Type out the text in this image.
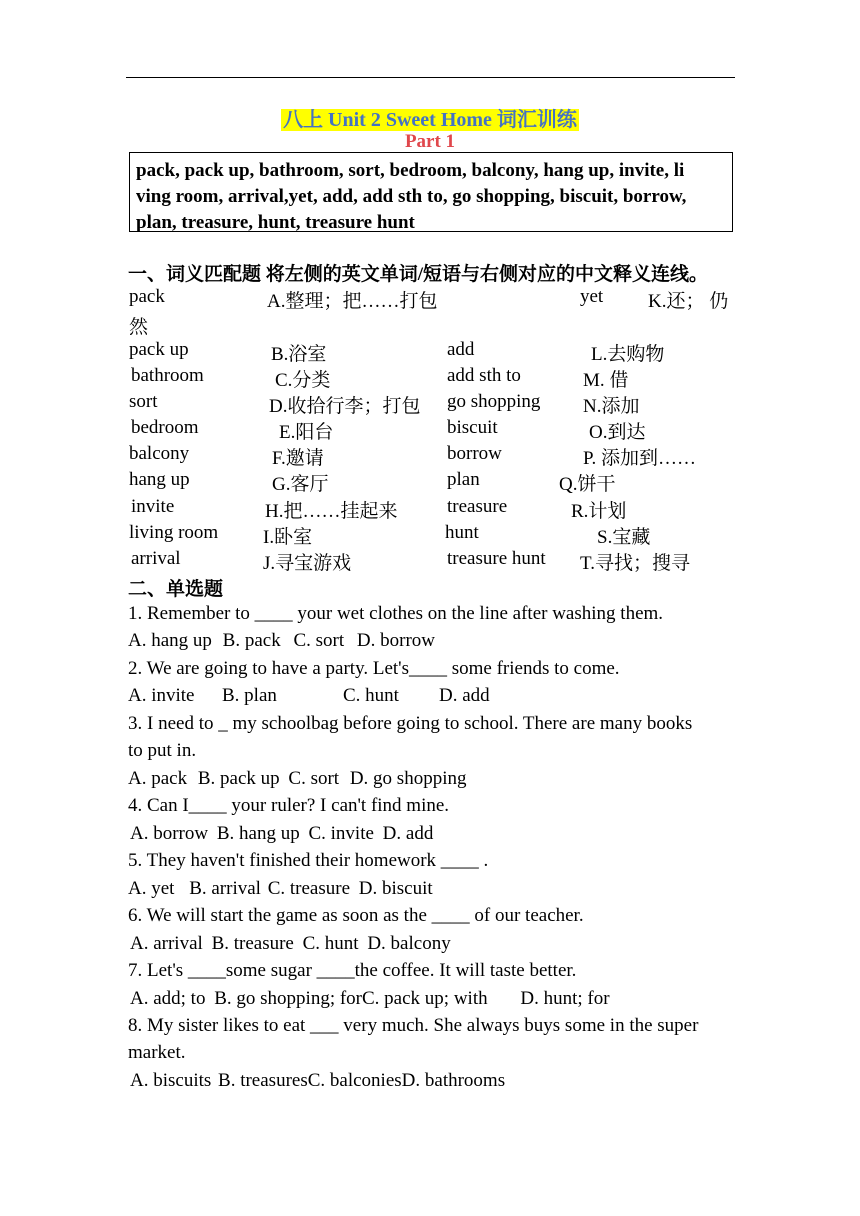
八上 Unit 2 Sweet Home 词汇训练
Part 1
pack, pack up, bathroom, sort, bedroom, balcony, hang up, invite, li
ving room, arrival,yet, add, add sth to, go shopping, biscuit, borrow,
plan, treasure, hunt, treasure hunt
一、词义匹配题 将左侧的英文单词/短语与右侧对应的中文释义连线。
pack	A.整理；把……打包	yet K.还； 仍
然
pack up	B.浴室	add	L.去购物
bathroom	C.分类	add sth to	M. 借
sort	D.收拾行李；打包 go shopping N.添加
bedroom	E.阳台	biscuit	O.到达
balcony	F.邀请	borrow	P. 添加到……
hang up	G.客厅	plan	Q.饼干
invite	H.把……挂起来	treasure	R.计划
living room I.卧室	hunt	S.宝藏
arrival	J.寻宝游戏	treasure hunt T.寻找；搜寻
二、单选题
1. Remember to ____ your wet clothes on the line after washing them.
A. hang up B. pack C. sort D. borrow
2. We are going to have a party. Let's____ some friends to come.
A. invite B. plan	C. hunt D. add
3. I need to _ my schoolbag before going to school. There are many books
to put in.
A. pack B. pack up C. sort D. go shopping
4. Can I____ your ruler? I can't find mine.
A. borrow B. hang up C. invite D. add
5. They haven't finished their homework ____ .
A. yet B. arrival C. treasure D. biscuit
6. We will start the game as soon as the ____ of our teacher.
A. arrival B. treasure C. hunt D. balcony
7. Let's ____some sugar ____the coffee. It will taste better.
A. add; to B. go shopping; forC. pack up; with D. hunt; for
8. My sister likes to eat ___ very much. She always buys some in the super
market.
A. biscuits B. treasuresC. balconiesD. bathrooms
